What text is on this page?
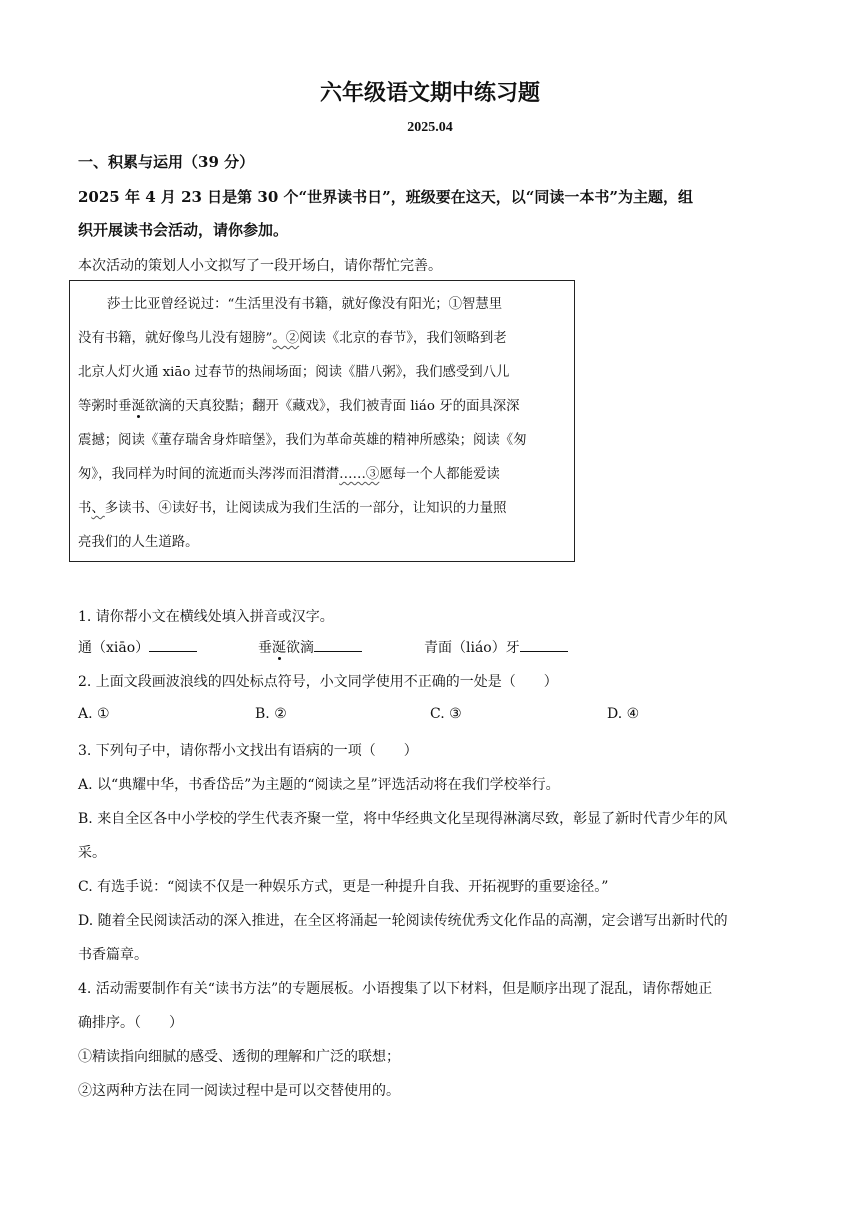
六年级语文期中练习题
2025.04
一、积累与运用（39 分）
2025 年 4 月 23 日是第 30 个“世界读书日”，班级要在这天，以“同读一本书”为主题，组
织开展读书会活动，请你参加。
本次活动的策划人小文拟写了一段开场白，请你帮忙完善。
莎士比亚曾经说过：“生活里没有书籍，就好像没有阳光；①智慧里
没有书籍，就好像鸟儿没有翅膀”。②阅读《北京的春节》，我们领略到老
北京人灯火通 xiāo 过春节的热闹场面；阅读《腊八粥》，我们感受到八儿
等粥时垂涎欲滴的天真狡黠；翻开《藏戏》，我们被青面 liáo 牙的面具深深
震撼；阅读《董存瑞舍身炸暗堡》，我们为革命英雄的精神所感染；阅读《匆
匆》，我同样为时间的流逝而头涔涔而泪潸潸……③愿每一个人都能爱读
书、多读书、④读好书，让阅读成为我们生活的一部分，让知识的力量照
亮我们的人生道路。
1. 请你帮小文在横线处填入拼音或汉字。
通（xiāo）	垂涎欲滴	青面（liáo）牙
2. 上面文段画波浪线的四处标点符号，小文同学使用不正确的一处是（　　）
A. ①	B. ②	C. ③	D. ④
3. 下列句子中，请你帮小文找出有语病的一项（　　）
A. 以“典耀中华，书香岱岳”为主题的“阅读之星”评选活动将在我们学校举行。
B. 来自全区各中小学校的学生代表齐聚一堂，将中华经典文化呈现得淋漓尽致，彰显了新时代青少年的风
采。
C. 有选手说：“阅读不仅是一种娱乐方式，更是一种提升自我、开拓视野的重要途径。”
D. 随着全民阅读活动的深入推进，在全区将涌起一轮阅读传统优秀文化作品的高潮，定会谱写出新时代的
书香篇章。
4. 活动需要制作有关“读书方法”的专题展板。小语搜集了以下材料，但是顺序出现了混乱，请你帮她正
确排序。（　　）
①精读指向细腻的感受、透彻的理解和广泛的联想；
②这两种方法在同一阅读过程中是可以交替使用的。
